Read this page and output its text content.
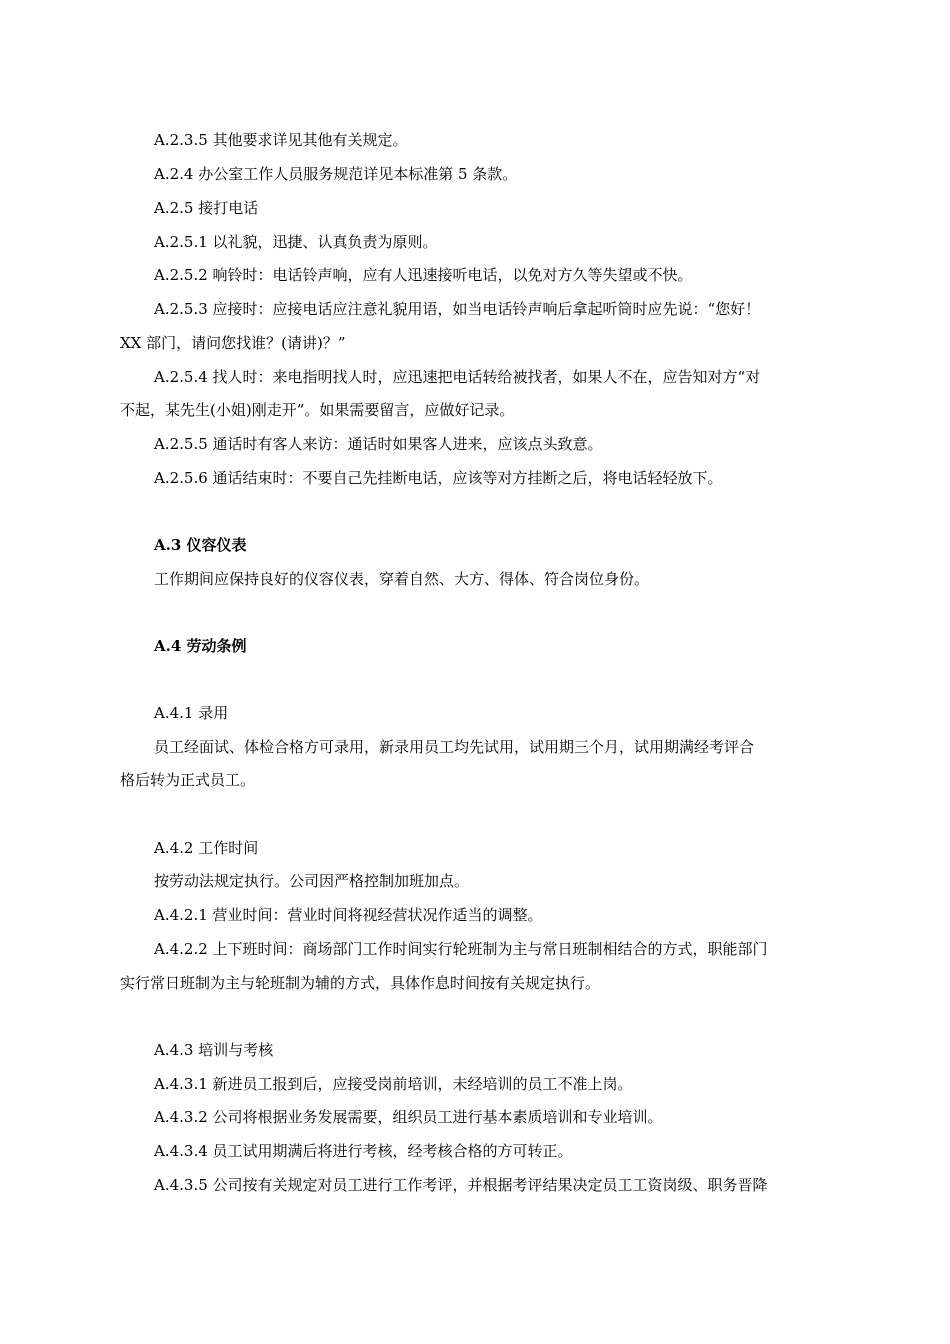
A.2.3.5 其他要求详见其他有关规定。
A.2.4 办公室工作人员服务规范详见本标准第 5 条款。
A.2.5 接打电话
A.2.5.1 以礼貌，迅捷、认真负责为原则。
A.2.5.2 响铃时：电话铃声响，应有人迅速接听电话，以免对方久等失望或不快。
A.2.5.3 应接时：应接电话应注意礼貌用语，如当电话铃声响后拿起听筒时应先说：“您好！
XX 部门，请问您找谁？(请讲)？”
A.2.5.4 找人时：来电指明找人时，应迅速把电话转给被找者，如果人不在，应告知对方“对
不起，某先生(小姐)刚走开”。如果需要留言，应做好记录。
A.2.5.5 通话时有客人来访：通话时如果客人进来，应该点头致意。
A.2.5.6 通话结束时：不要自己先挂断电话，应该等对方挂断之后，将电话轻轻放下。
A.3 仪容仪表
工作期间应保持良好的仪容仪表，穿着自然、大方、得体、符合岗位身份。
A.4 劳动条例
A.4.1 录用
员工经面试、体检合格方可录用，新录用员工均先试用，试用期三个月，试用期满经考评合
格后转为正式员工。
A.4.2 工作时间
按劳动法规定执行。公司因严格控制加班加点。
A.4.2.1 营业时间：营业时间将视经营状况作适当的调整。
A.4.2.2 上下班时间：商场部门工作时间实行轮班制为主与常日班制相结合的方式，职能部门
实行常日班制为主与轮班制为辅的方式，具体作息时间按有关规定执行。
A.4.3 培训与考核
A.4.3.1 新进员工报到后，应接受岗前培训，未经培训的员工不准上岗。
A.4.3.2 公司将根据业务发展需要，组织员工进行基本素质培训和专业培训。
A.4.3.4 员工试用期满后将进行考核，经考核合格的方可转正。
A.4.3.5 公司按有关规定对员工进行工作考评，并根据考评结果决定员工工资岗级、职务晋降
